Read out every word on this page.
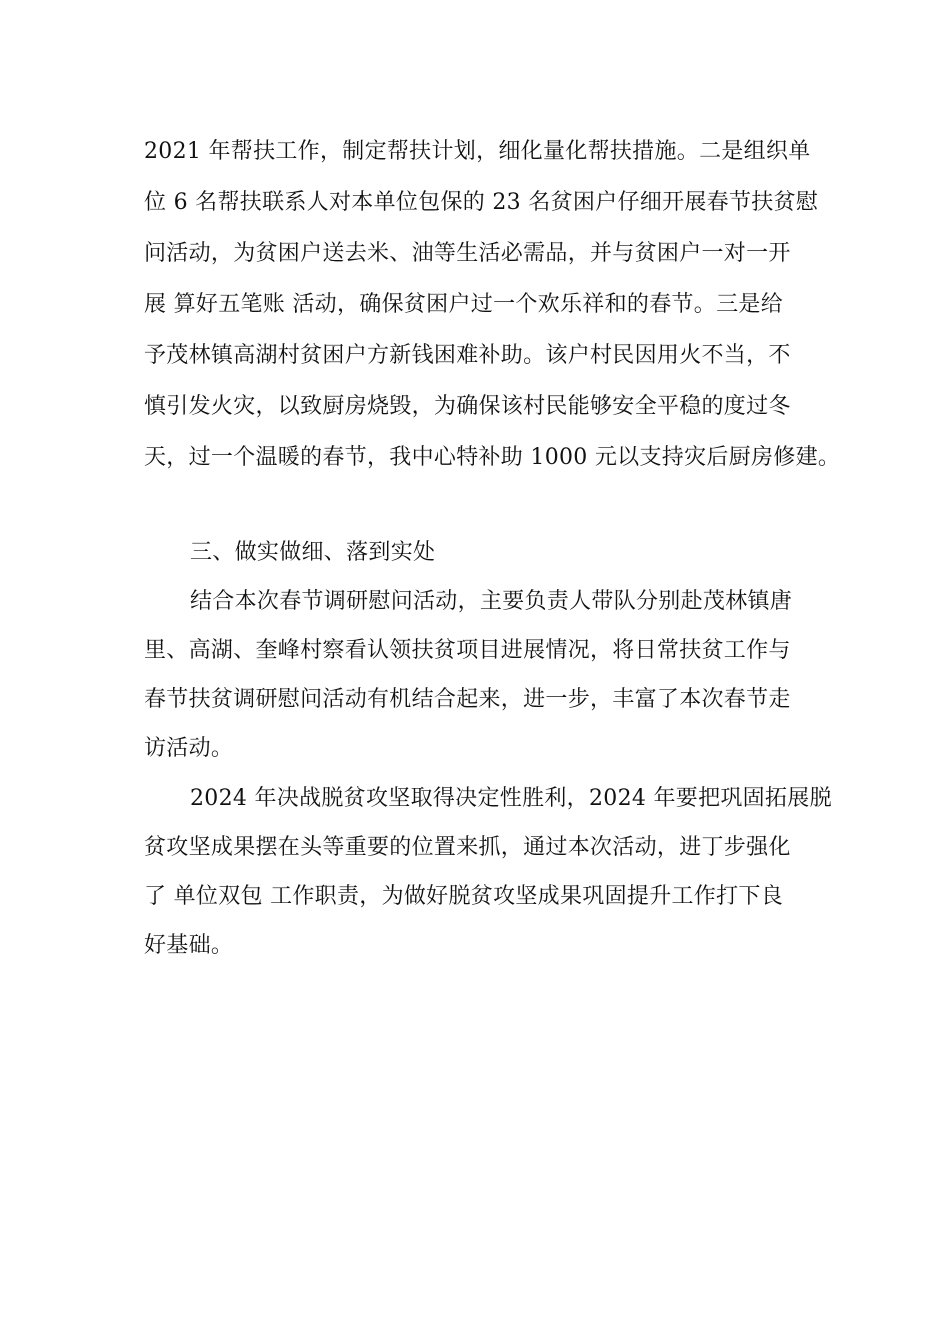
2021 年帮扶工作，制定帮扶计划，细化量化帮扶措施。二是组织单
位 6 名帮扶联系人对本单位包保的 23 名贫困户仔细开展春节扶贫慰
问活动，为贫困户送去米、油等生活必需品，并与贫困户一对一开
展 算好五笔账 活动，确保贫困户过一个欢乐祥和的春节。三是给
予茂林镇高湖村贫困户方新钱困难补助。该户村民因用火不当，不
慎引发火灾，以致厨房烧毁，为确保该村民能够安全平稳的度过冬
天，过一个温暖的春节，我中心特补助 1000 元以支持灾后厨房修建。
三、做实做细、落到实处
结合本次春节调研慰问活动，主要负责人带队分别赴茂林镇唐
里、高湖、奎峰村察看认领扶贫项目进展情况，将日常扶贫工作与
春节扶贫调研慰问活动有机结合起来，进一步，丰富了本次春节走
访活动。
2024 年决战脱贫攻坚取得决定性胜利，2024 年要把巩固拓展脱
贫攻坚成果摆在头等重要的位置来抓，通过本次活动，进丁步强化
了 单位双包 工作职责，为做好脱贫攻坚成果巩固提升工作打下良
好基础。
